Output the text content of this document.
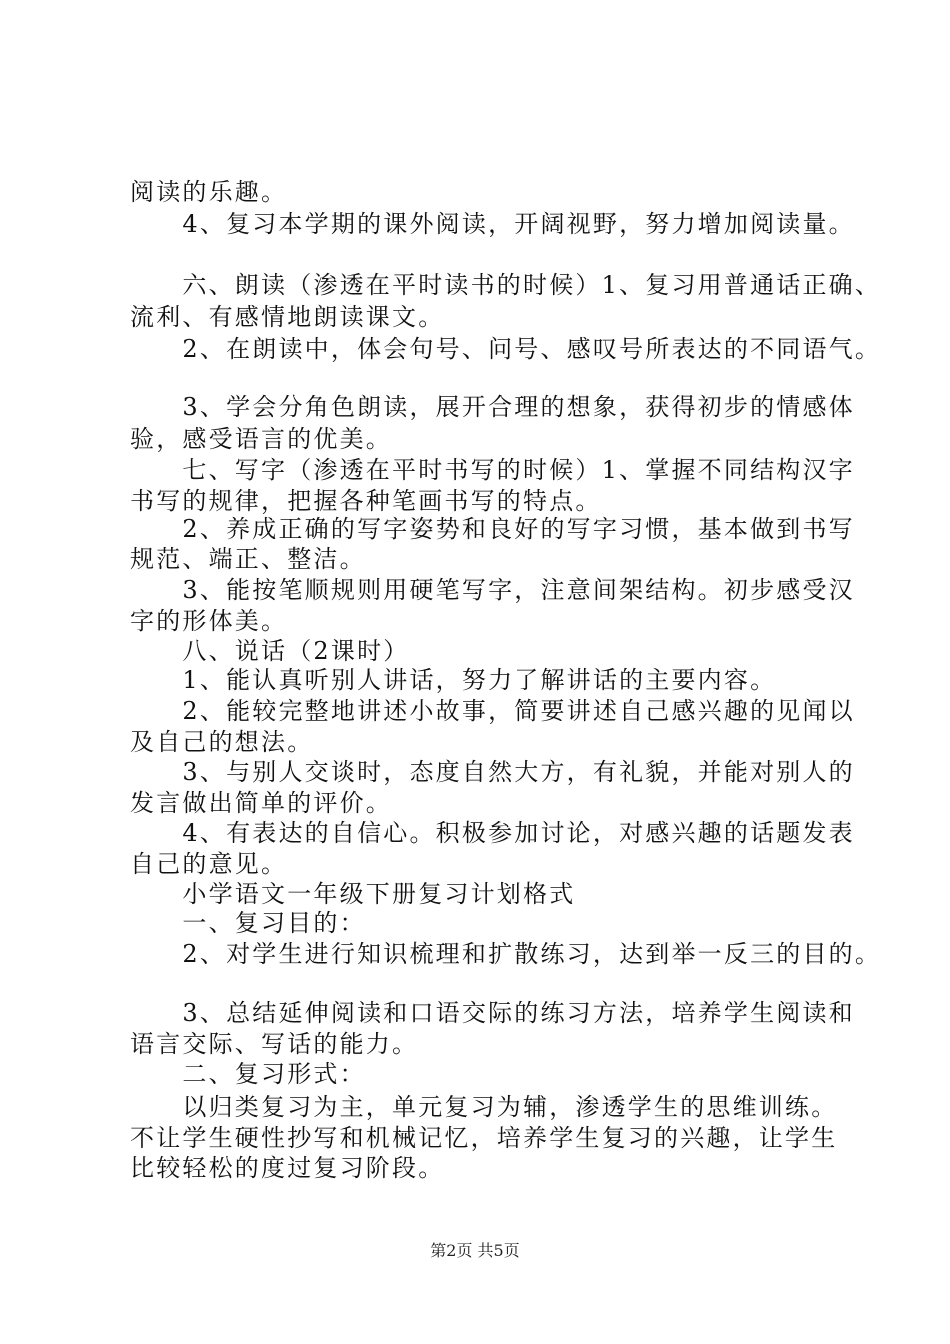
阅读的乐趣。
　　4、复习本学期的课外阅读，开阔视野，努力增加阅读量。
　　六、朗读（渗透在平时读书的时候）1、复习用普通话正确、
流利、有感情地朗读课文。
　　2、在朗读中，体会句号、问号、感叹号所表达的不同语气。
　　3、学会分角色朗读，展开合理的想象，获得初步的情感体
验，感受语言的优美。
　　七、写字（渗透在平时书写的时候）1、掌握不同结构汉字
书写的规律，把握各种笔画书写的特点。
　　2、养成正确的写字姿势和良好的写字习惯，基本做到书写
规范、端正、整洁。
　　3、能按笔顺规则用硬笔写字，注意间架结构。初步感受汉
字的形体美。
　　八、说话（2课时）
　　1、能认真听别人讲话，努力了解讲话的主要内容。
　　2、能较完整地讲述小故事，简要讲述自己感兴趣的见闻以
及自己的想法。
　　3、与别人交谈时，态度自然大方，有礼貌，并能对别人的
发言做出简单的评价。
　　4、有表达的自信心。积极参加讨论，对感兴趣的话题发表
自己的意见。
　　小学语文一年级下册复习计划格式
　　一、复习目的：
　　2、对学生进行知识梳理和扩散练习，达到举一反三的目的。
　　3、总结延伸阅读和口语交际的练习方法，培养学生阅读和
语言交际、写话的能力。
　　二、复习形式：
　　以归类复习为主，单元复习为辅，渗透学生的思维训练。
不让学生硬性抄写和机械记忆，培养学生复习的兴趣，让学生
比较轻松的度过复习阶段。
第2页 共5页
